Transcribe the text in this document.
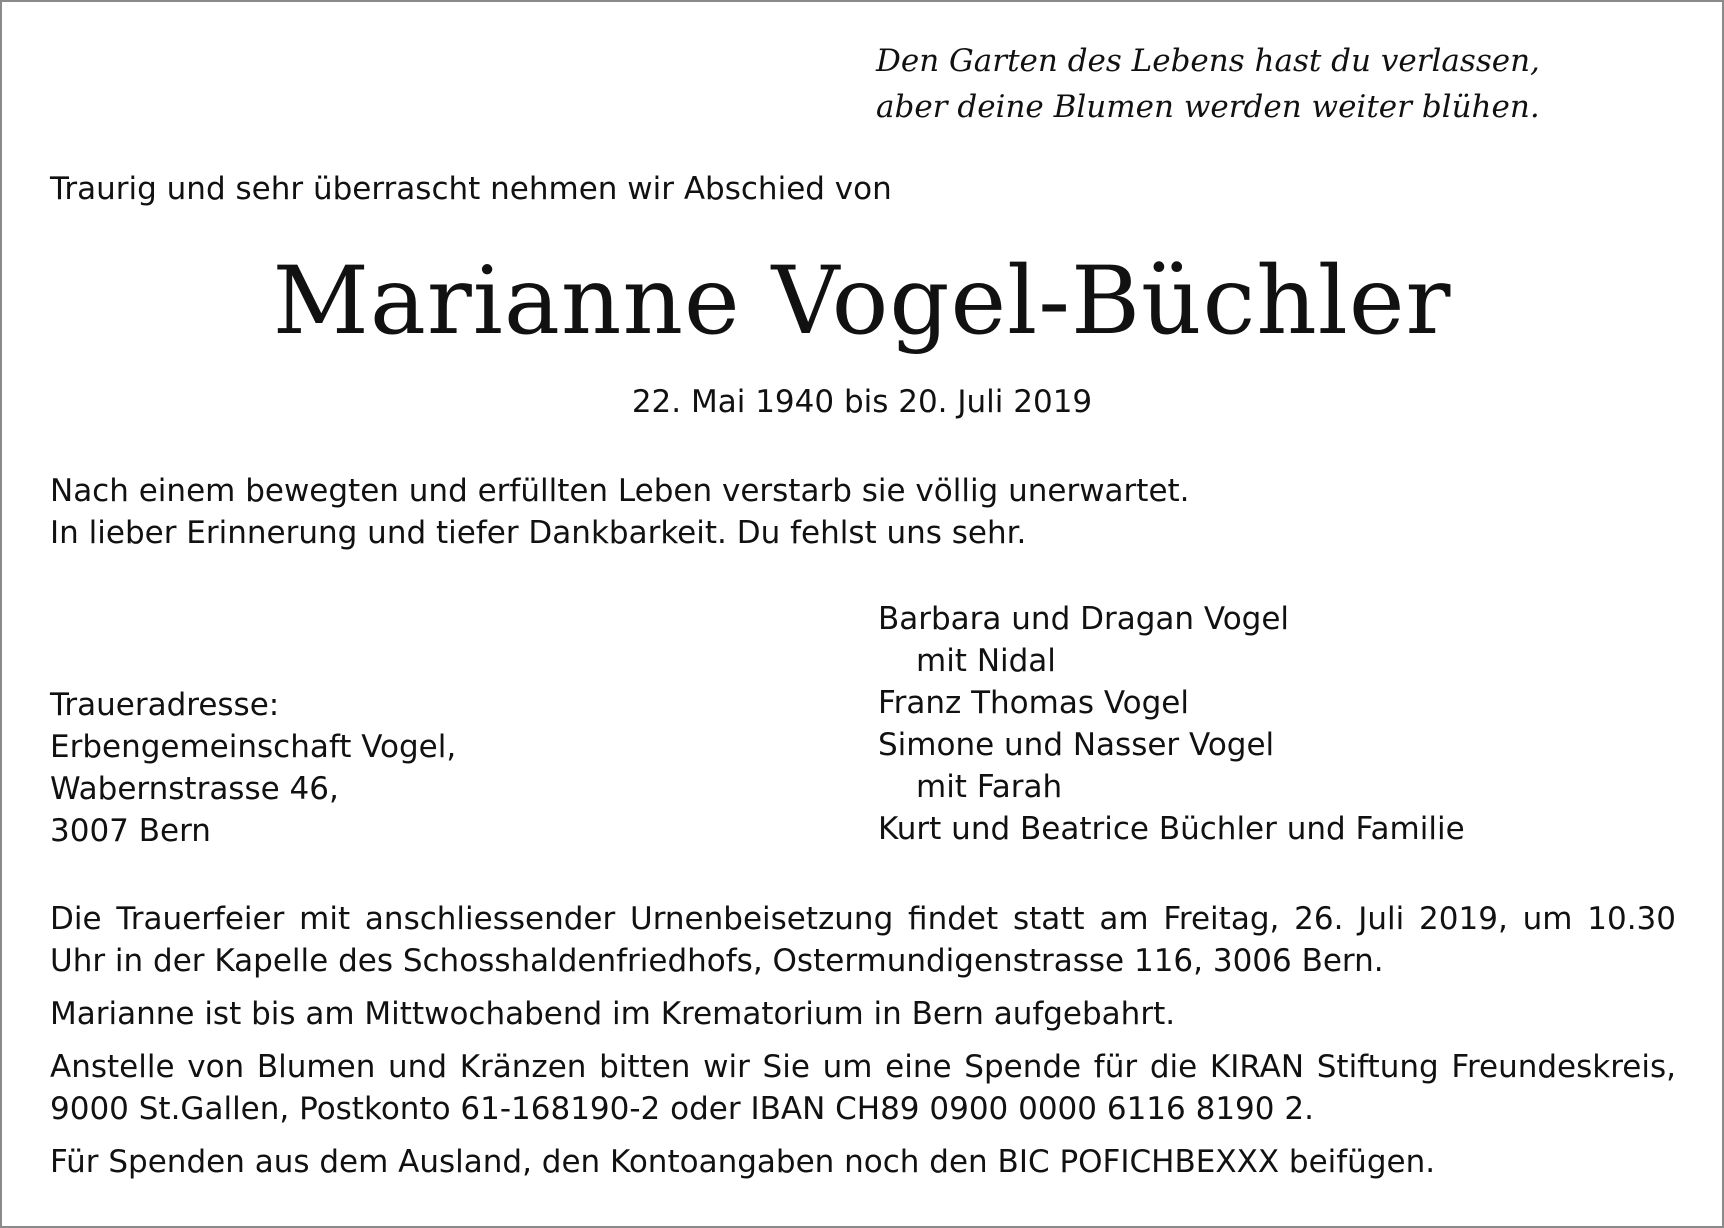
Den Garten des Lebens hast du verlassen,
aber deine Blumen werden weiter blühen.
Traurig und sehr überrascht nehmen wir Abschied von
Marianne Vogel-Büchler
22. Mai 1940 bis 20. Juli 2019
Nach einem bewegten und erfüllten Leben verstarb sie völlig unerwartet.
In lieber Erinnerung und tiefer Dankbarkeit. Du fehlst uns sehr.
Traueradresse:
Erbengemeinschaft Vogel,
Wabernstrasse 46,
3007 Bern
Barbara und Dragan Vogel
mit Nidal
Franz Thomas Vogel
Simone und Nasser Vogel
mit Farah
Kurt und Beatrice Büchler und Familie

Die Trauerfeier mit anschliessender Urnenbeisetzung findet statt am Freitag, 26. Juli 2019, um 10.30 Uhr in der Kapelle des Schosshaldenfriedhofs, Ostermundigenstrasse 116, 3006 Bern.

Marianne ist bis am Mittwochabend im Krematorium in Bern aufgebahrt.

Anstelle von Blumen und Kränzen bitten wir Sie um eine Spende für die KIRAN Stiftung Freundeskreis, 9000 St.Gallen, Postkonto 61-168190-2 oder IBAN CH89 0900 0000 6116 8190 2.

Für Spenden aus dem Ausland, den Kontoangaben noch den BIC POFICHBEXXX beifügen.
